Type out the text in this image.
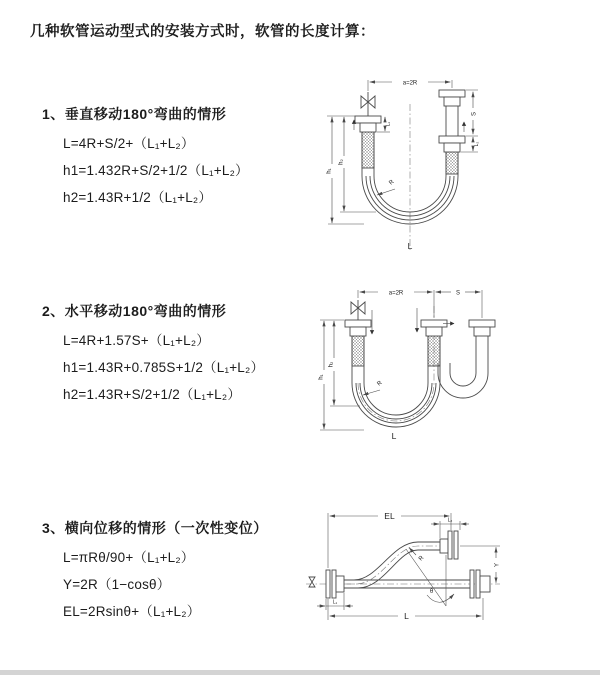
几种软管运动型式的安装方式时，软管的长度计算：
1、垂直移动180°弯曲的情形
L=4R+S/2+（L₁+L₂）
h1=1.432R+S/2+1/2（L₁+L₂）
h2=1.43R+1/2（L₁+L₂）
2、水平移动180°弯曲的情形
L=4R+1.57S+（L₁+L₂）
h1=1.43R+0.785S+1/2（L₁+L₂）
h2=1.43R+S/2+1/2（L₁+L₂）
3、横向位移的情形（一次性变位）
L=πRθ/90+（L₁+L₂）
Y=2R（1−cosθ）
EL=2Rsinθ+（L₁+L₂）
a=2R
S
L₂
L₁
h₂
h₁
R
L
a=2R	S
h₂
h₁
R
L
θ
R
EL	L₂
Y
L
L₁
